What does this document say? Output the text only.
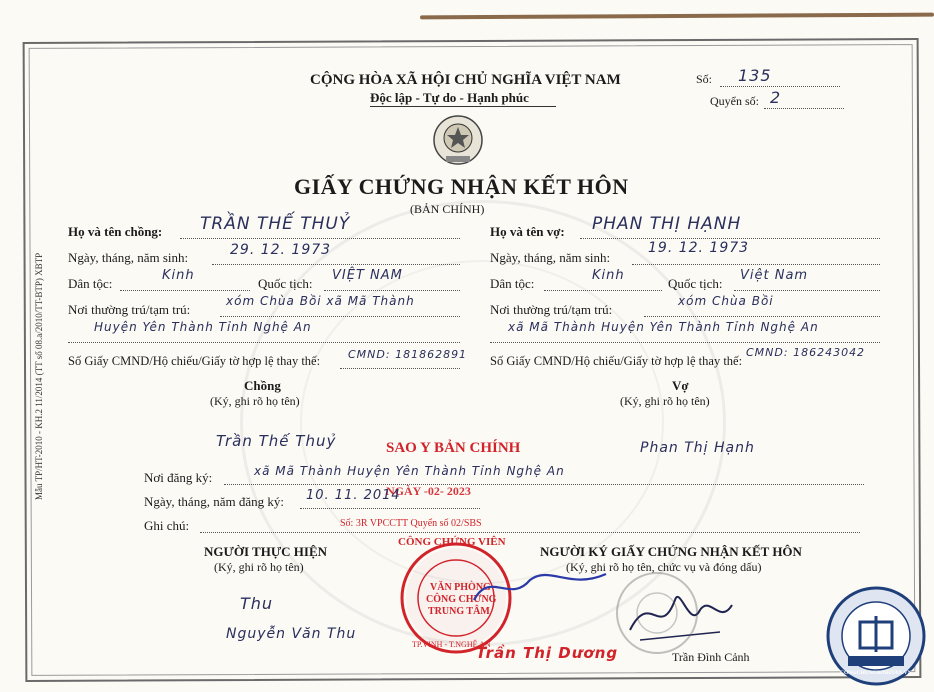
Mẫu TP/HT-2010 - KH.2 11/2014 (TT số 08.a/2010/TT-BTP) XBTP
CỘNG HÒA XÃ HỘI CHỦ NGHĨA VIỆT NAM
Độc lập - Tự do - Hạnh phúc
Số: 135
Quyển số: 2
GIẤY CHỨNG NHẬN KẾT HÔN
(BẢN CHÍNH)
Họ và tên chồng: TRẦN THẾ THUỶ
Ngày, tháng, năm sinh:	29. 12. 1973
Dân tộc:
Kinh
Quốc tịch:
VIỆT NAM
Nơi thường trú/tạm trú:
xóm Chùa Bồi xã Mã Thành
Huyện Yên Thành Tỉnh Nghệ An
Số Giấy CMND/Hộ chiếu/Giấy tờ hợp lệ thay thế:	CMND: 181862891
Họ và tên vợ: PHAN THỊ HẠNH
Ngày, tháng, năm sinh:
19. 12. 1973
Dân tộc:
Kinh
Quốc tịch:
Việt Nam
Nơi thường trú/tạm trú:
xóm Chùa Bồi
xã Mã Thành Huyện Yên Thành Tỉnh Nghệ An
Số Giấy CMND/Hộ chiếu/Giấy tờ hợp lệ thay thế:
CMND: 186243042
Chồng
(Ký, ghi rõ họ tên)
Trần Thế Thuỷ
Vợ
(Ký, ghi rõ họ tên)
Phan Thị Hạnh
SAO Y BẢN CHÍNH
NGÀY -02- 2023
Nơi đăng ký:	xã Mã Thành Huyện Yên Thành Tỉnh Nghệ An
Ngày, tháng, năm đăng ký: 10. 11. 2014
Ghi chú:	Số: 3R VPCCTT Quyển số 02/SBS
CÔNG CHỨNG VIÊN
NGƯỜI THỰC HIỆN
(Ký, ghi rõ họ tên)
Thu
Nguyễn Văn Thu
NGƯỜI KÝ GIẤY CHỨNG NHẬN KẾT HÔN
(Ký, ghi rõ họ tên, chức vụ và đóng dấu)
Trần Đình Cảnh
VĂN PHÒNG
CÔNG CHỨNG
TRUNG TÂM
TP.VINH - T.NGHỆ AN
Trần Thị Dương
CONGCHUNGBINHTAN.VN
